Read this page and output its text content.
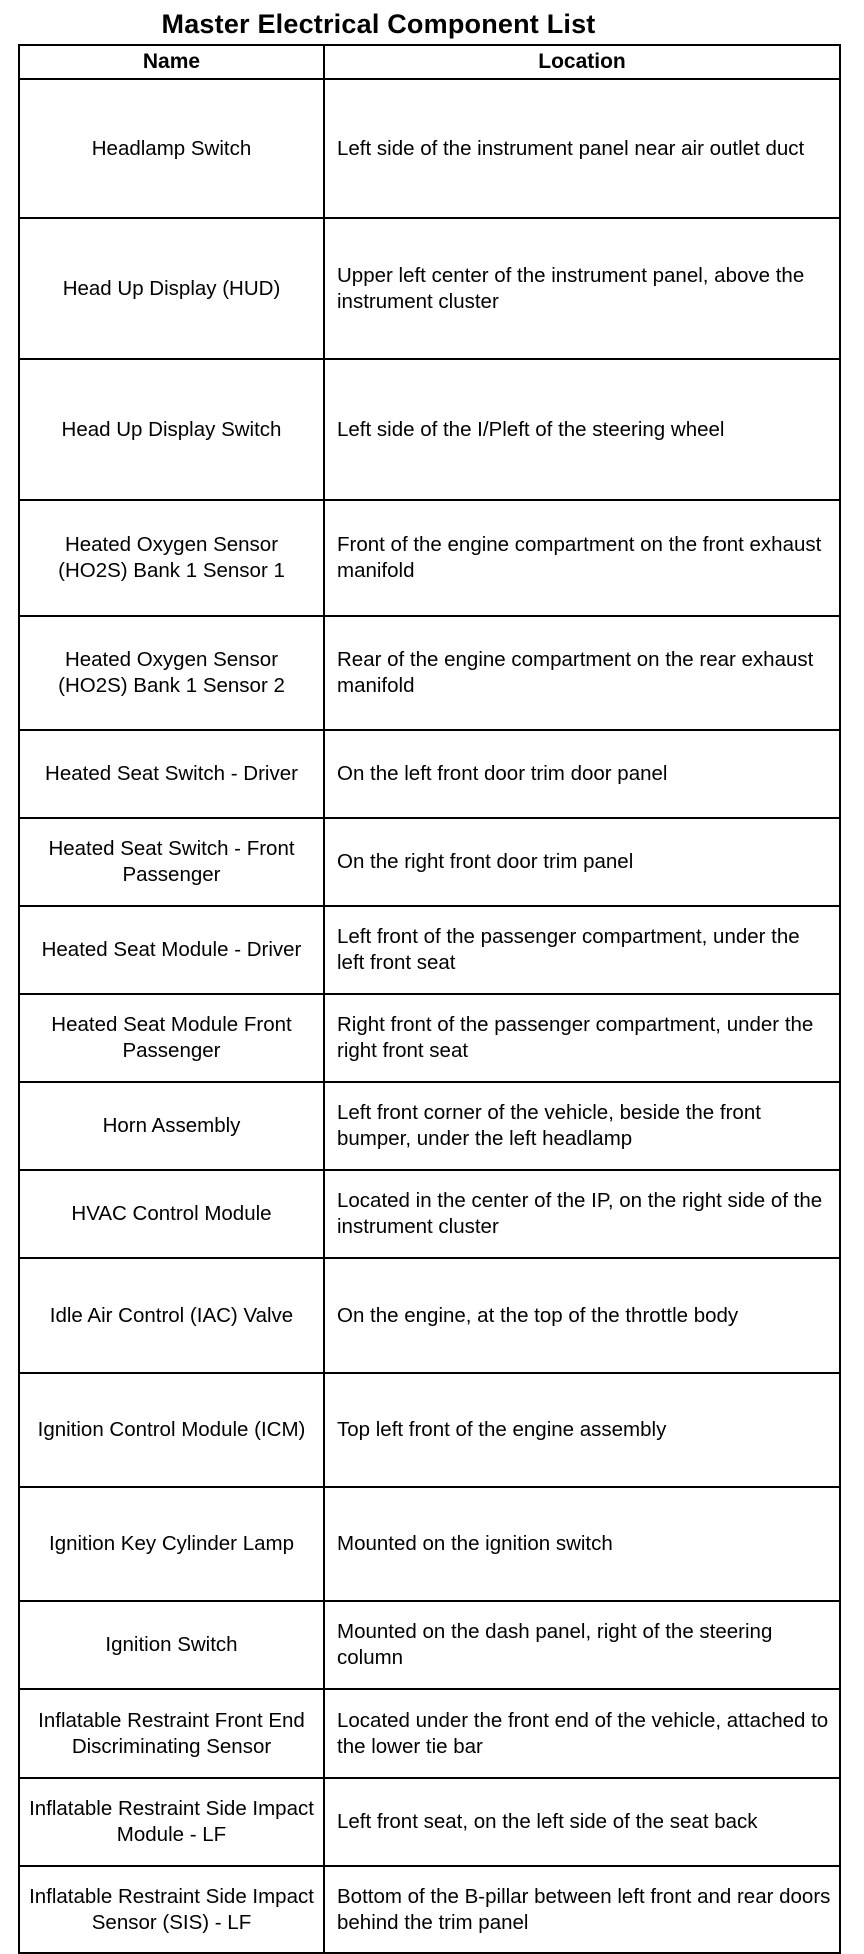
Master Electrical Component List
Name	Location
Headlamp Switch	Left side of the instrument panel near air outlet duct
Head Up Display (HUD)	Upper left center of the instrument panel, above the instrument cluster
Head Up Display Switch	Left side of the I/Pleft of the steering wheel
Heated Oxygen Sensor (HO2S) Bank 1 Sensor 1	Front of the engine compartment on the front exhaust manifold
Heated Oxygen Sensor (HO2S) Bank 1 Sensor 2	Rear of the engine compartment on the rear exhaust manifold
Heated Seat Switch - Driver	On the left front door trim door panel
Heated Seat Switch - Front Passenger	On the right front door trim panel
Heated Seat Module - Driver	Left front of the passenger compartment, under the left front seat
Heated Seat Module Front Passenger	Right front of the passenger compartment, under the right front seat
Horn Assembly	Left front corner of the vehicle, beside the front bumper, under the left headlamp
HVAC Control Module	Located in the center of the IP, on the right side of the instrument cluster
Idle Air Control (IAC) Valve	On the engine, at the top of the throttle body
Ignition Control Module (ICM)	Top left front of the engine assembly
Ignition Key Cylinder Lamp	Mounted on the ignition switch
Ignition Switch	Mounted on the dash panel, right of the steering column
Inflatable Restraint Front End Discriminating Sensor	Located under the front end of the vehicle, attached to the lower tie bar
Inflatable Restraint Side Impact Module - LF	Left front seat, on the left side of the seat back
Inflatable Restraint Side Impact Sensor (SIS) - LF	Bottom of the B-pillar between left front and rear doors behind the trim panel
